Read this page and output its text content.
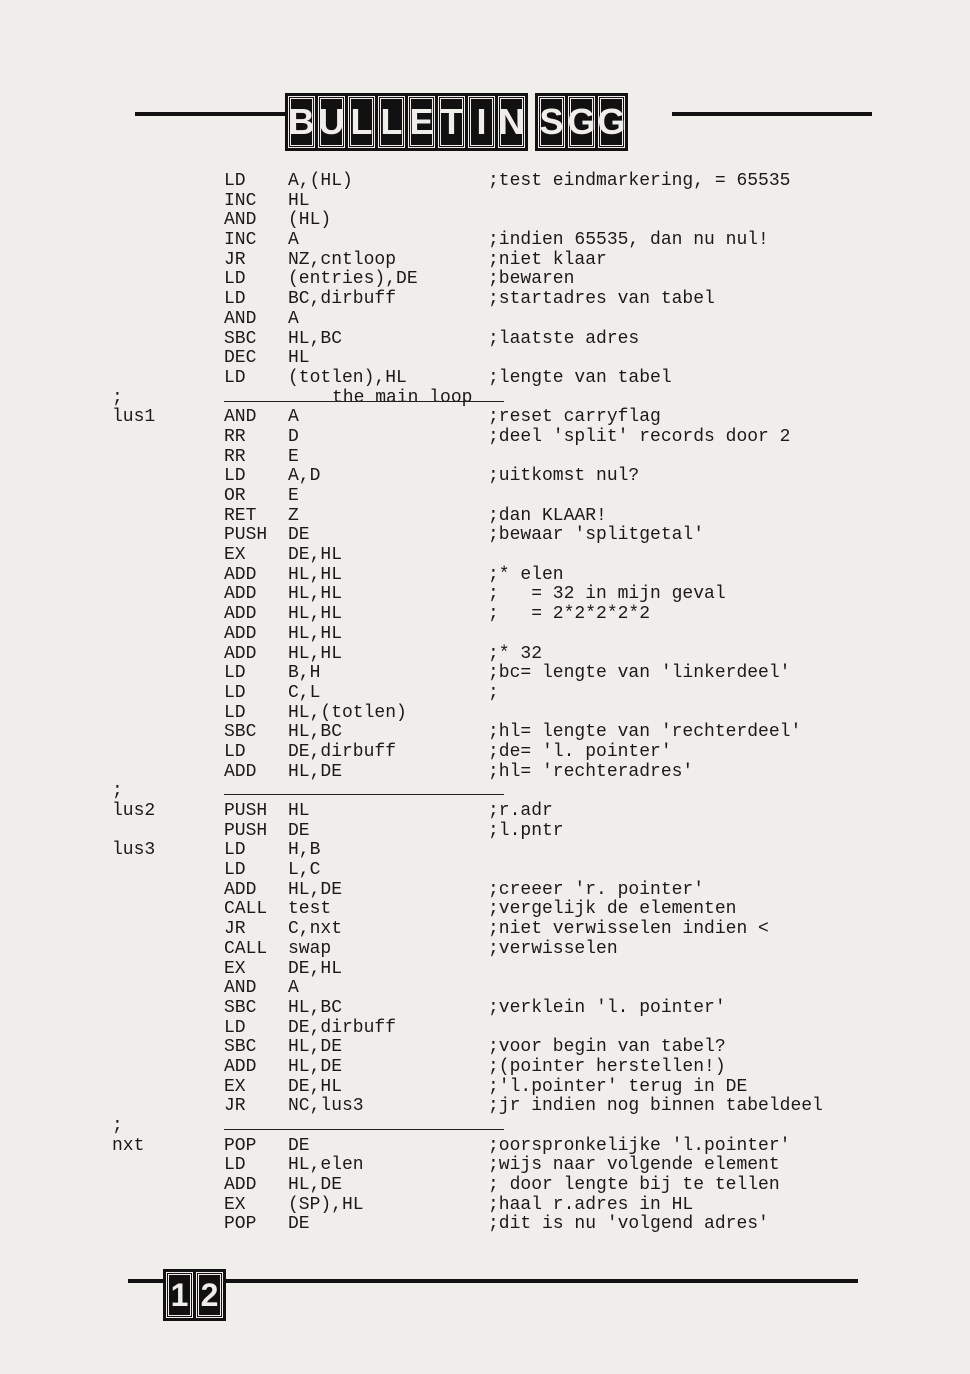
B U L L E T I N S G G
LD A,(HL)	;test eindmarkering, = 65535
INC HL
AND (HL)
INC A	;indien 65535, dan nu nul!
JR NZ,cntloop	;niet klaar
LD (entries),DE	;bewaren
LD BC,dirbuff	;startadres van tabel
AND A
SBC HL,BC	;laatste adres
DEC HL
LD (totlen),HL	;lengte van tabel
;	the main loop
lus1	AND A	;reset carryflag
RR D	;deel 'split' records door 2
RR E
LD A,D	;uitkomst nul?
OR E
RET Z	;dan KLAAR!
PUSH DE	;bewaar 'splitgetal'
EX DE,HL
ADD HL,HL	;* elen
ADD HL,HL	;   = 32 in mijn geval
ADD HL,HL	;   = 2*2*2*2*2
ADD HL,HL
ADD HL,HL	;* 32
LD B,H	;bc= lengte van 'linkerdeel'
LD C,L	;
LD HL,(totlen)
SBC HL,BC	;hl= lengte van 'rechterdeel'
LD DE,dirbuff	;de= 'l. pointer'
ADD HL,DE	;hl= 'rechteradres'
;
lus2	PUSH HL	;r.adr
PUSH DE	;l.pntr
lus3	LD H,B
LD L,C
ADD HL,DE	;creeer 'r. pointer'
CALL test	;vergelijk de elementen
JR C,nxt	;niet verwisselen indien <
CALL swap	;verwisselen
EX DE,HL
AND A
SBC HL,BC	;verklein 'l. pointer'
LD DE,dirbuff
SBC HL,DE	;voor begin van tabel?
ADD HL,DE	;(pointer herstellen!)
EX DE,HL	;'l.pointer' terug in DE
JR NC,lus3	;jr indien nog binnen tabeldeel
;
nxt	POP DE	;oorspronkelijke 'l.pointer'
LD HL,elen	;wijs naar volgende element
ADD HL,DE	; door lengte bij te tellen
EX (SP),HL	;haal r.adres in HL
POP DE	;dit is nu 'volgend adres'
1 2
